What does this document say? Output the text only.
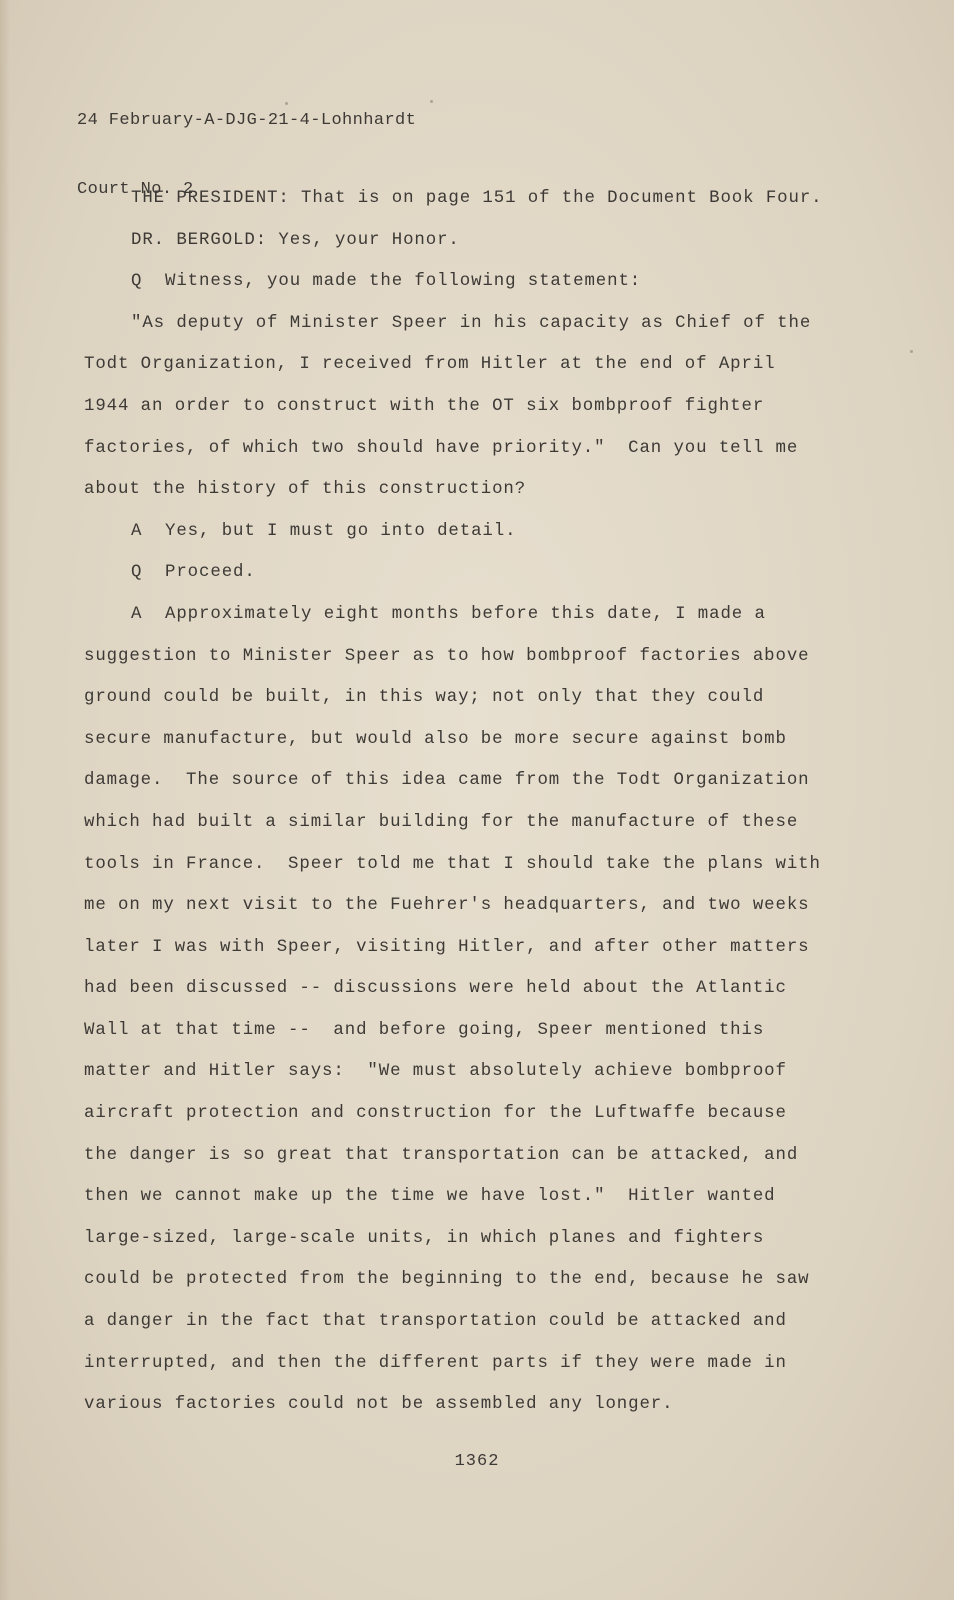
24 February-A-DJG-21-4-Lohnhardt

Court No. 2

THE PRESIDENT: That is on page 151 of the Document Book Four.
DR. BERGOLD: Yes, your Honor.
Q  Witness, you made the following statement:
"As deputy of Minister Speer in his capacity as Chief of the
Todt Organization, I received from Hitler at the end of April
1944 an order to construct with the OT six bombproof fighter
factories, of which two should have priority."  Can you tell me
about the history of this construction?
A  Yes, but I must go into detail.
Q  Proceed.
A  Approximately eight months before this date, I made a
suggestion to Minister Speer as to how bombproof factories above
ground could be built, in this way; not only that they could
secure manufacture, but would also be more secure against bomb
damage.  The source of this idea came from the Todt Organization
which had built a similar building for the manufacture of these
tools in France.  Speer told me that I should take the plans with
me on my next visit to the Fuehrer's headquarters, and two weeks
later I was with Speer, visiting Hitler, and after other matters
had been discussed -- discussions were held about the Atlantic
Wall at that time --  and before going, Speer mentioned this
matter and Hitler says:  "We must absolutely achieve bombproof
aircraft protection and construction for the Luftwaffe because
the danger is so great that transportation can be attacked, and
then we cannot make up the time we have lost."  Hitler wanted
large-sized, large-scale units, in which planes and fighters
could be protected from the beginning to the end, because he saw
a danger in the fact that transportation could be attacked and
interrupted, and then the different parts if they were made in
various factories could not be assembled any longer.
1362
